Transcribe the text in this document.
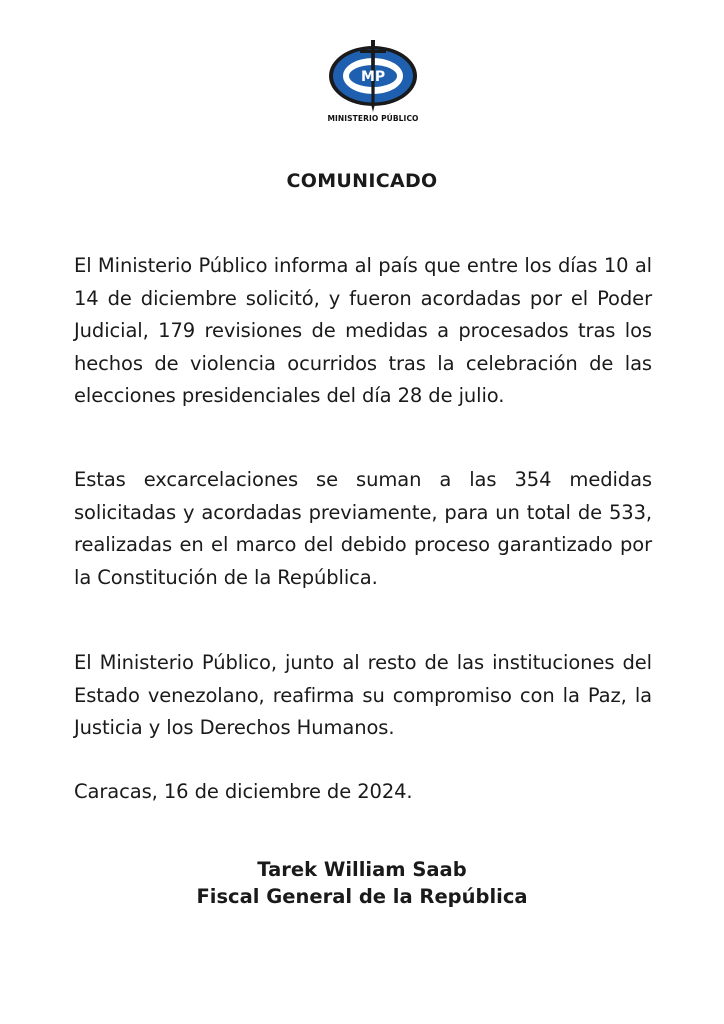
MP
MINISTERIO PÚBLICO
COMUNICADO

El Ministerio Público informa al país que entre los días 10 al 14 de diciembre solicitó, y fueron acordadas por el Poder Judicial, 179 revisiones de medidas a procesados tras los hechos de violencia ocurridos tras la celebración de las elecciones presidenciales del día 28 de julio.

Estas excarcelaciones se suman a las 354 medidas solicitadas y acordadas previamente, para un total de 533, realizadas en el marco del debido proceso garantizado por la Constitución de la República.

El Ministerio Público, junto al resto de las instituciones del Estado venezolano, reafirma su compromiso con la Paz, la Justicia y los Derechos Humanos.

Caracas, 16 de diciembre de 2024.

Tarek William Saab
Fiscal General de la República
